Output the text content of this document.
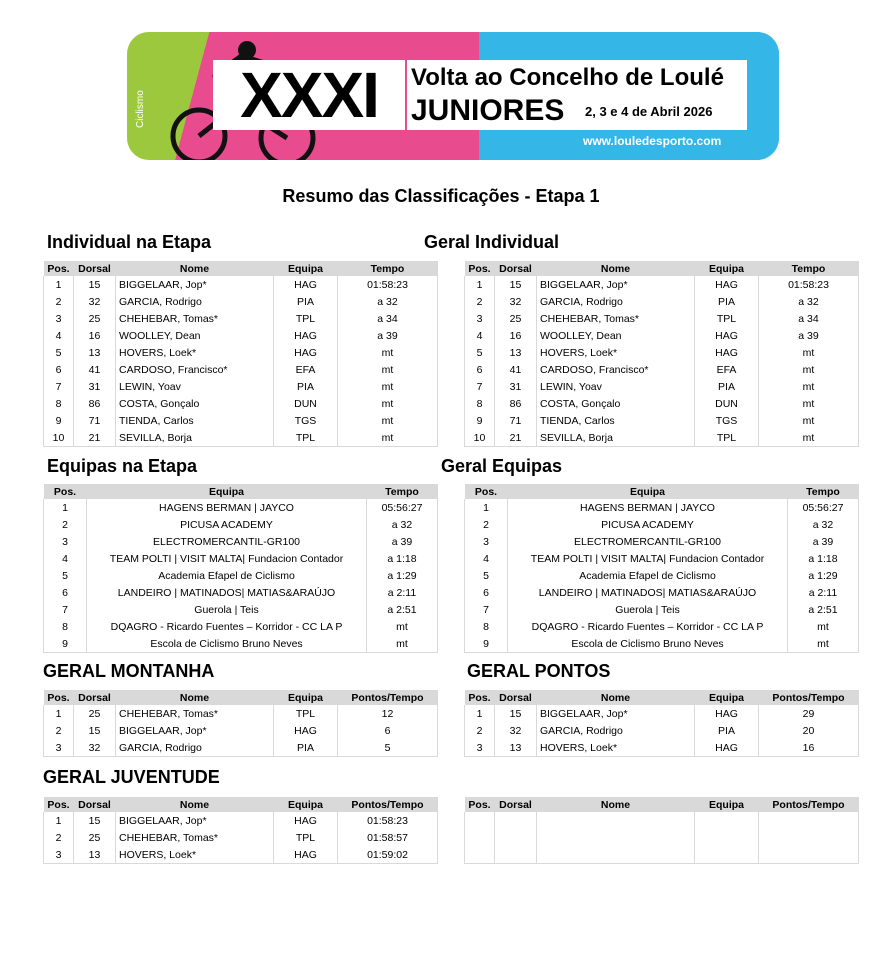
Ciclismo	XXXI	Volta ao Concelho de Loulé
JUNIORES 2, 3 e 4 de Abril 2026
www.louledesporto.com
Resumo das Classificações - Etapa 1
Individual na Etapa	Geral Individual
Equipas na Etapa	Geral Equipas
GERAL MONTANHA	GERAL PONTOS
GERAL JUVENTUDE
Pos.	Dorsal	Nome	Equipa	Tempo
1	15	BIGGELAAR, Jop*	HAG	01:58:23
2	32	GARCIA, Rodrigo	PIA	a 32
3	25	CHEHEBAR, Tomas*	TPL	a 34
4	16	WOOLLEY, Dean	HAG	a 39
5	13	HOVERS, Loek*	HAG	mt
6	41	CARDOSO, Francisco*	EFA	mt
7	31	LEWIN, Yoav	PIA	mt
8	86	COSTA, Gonçalo	DUN	mt
9	71	TIENDA, Carlos	TGS	mt
10	21	SEVILLA, Borja	TPL	mt
Pos.	Dorsal	Nome	Equipa	Tempo
1	15	BIGGELAAR, Jop*	HAG	01:58:23
2	32	GARCIA, Rodrigo	PIA	a 32
3	25	CHEHEBAR, Tomas*	TPL	a 34
4	16	WOOLLEY, Dean	HAG	a 39
5	13	HOVERS, Loek*	HAG	mt
6	41	CARDOSO, Francisco*	EFA	mt
7	31	LEWIN, Yoav	PIA	mt
8	86	COSTA, Gonçalo	DUN	mt
9	71	TIENDA, Carlos	TGS	mt
10	21	SEVILLA, Borja	TPL	mt
Pos.	Equipa	Tempo
1	HAGENS BERMAN | JAYCO	05:56:27
2	PICUSA ACADEMY	a 32
3	ELECTROMERCANTIL-GR100	a 39
4	TEAM POLTI | VISIT MALTA| Fundacion Contador	a 1:18
5	Academia Efapel de Ciclismo	a 1:29
6	LANDEIRO | MATINADOS| MATIAS&ARAÚJO	a 2:11
7	Guerola | Teis	a 2:51
8	DQAGRO - Ricardo Fuentes – Korridor - CC LA P	mt
9	Escola de Ciclismo Bruno Neves	mt
Pos.	Equipa	Tempo
1	HAGENS BERMAN | JAYCO	05:56:27
2	PICUSA ACADEMY	a 32
3	ELECTROMERCANTIL-GR100	a 39
4	TEAM POLTI | VISIT MALTA| Fundacion Contador	a 1:18
5	Academia Efapel de Ciclismo	a 1:29
6	LANDEIRO | MATINADOS| MATIAS&ARAÚJO	a 2:11
7	Guerola | Teis	a 2:51
8	DQAGRO - Ricardo Fuentes – Korridor - CC LA P	mt
9	Escola de Ciclismo Bruno Neves	mt
Pos.	Dorsal	Nome	Equipa	Pontos/Tempo
1	25	CHEHEBAR, Tomas*	TPL	12
2	15	BIGGELAAR, Jop*	HAG	6
3	32	GARCIA, Rodrigo	PIA	5
Pos.	Dorsal	Nome	Equipa	Pontos/Tempo
1	15	BIGGELAAR, Jop*	HAG	29
2	32	GARCIA, Rodrigo	PIA	20
3	13	HOVERS, Loek*	HAG	16
Pos.	Dorsal	Nome	Equipa	Pontos/Tempo
1	15	BIGGELAAR, Jop*	HAG	01:58:23
2	25	CHEHEBAR, Tomas*	TPL	01:58:57
3	13	HOVERS, Loek*	HAG	01:59:02
Pos.	Dorsal	Nome	Equipa	Pontos/Tempo
